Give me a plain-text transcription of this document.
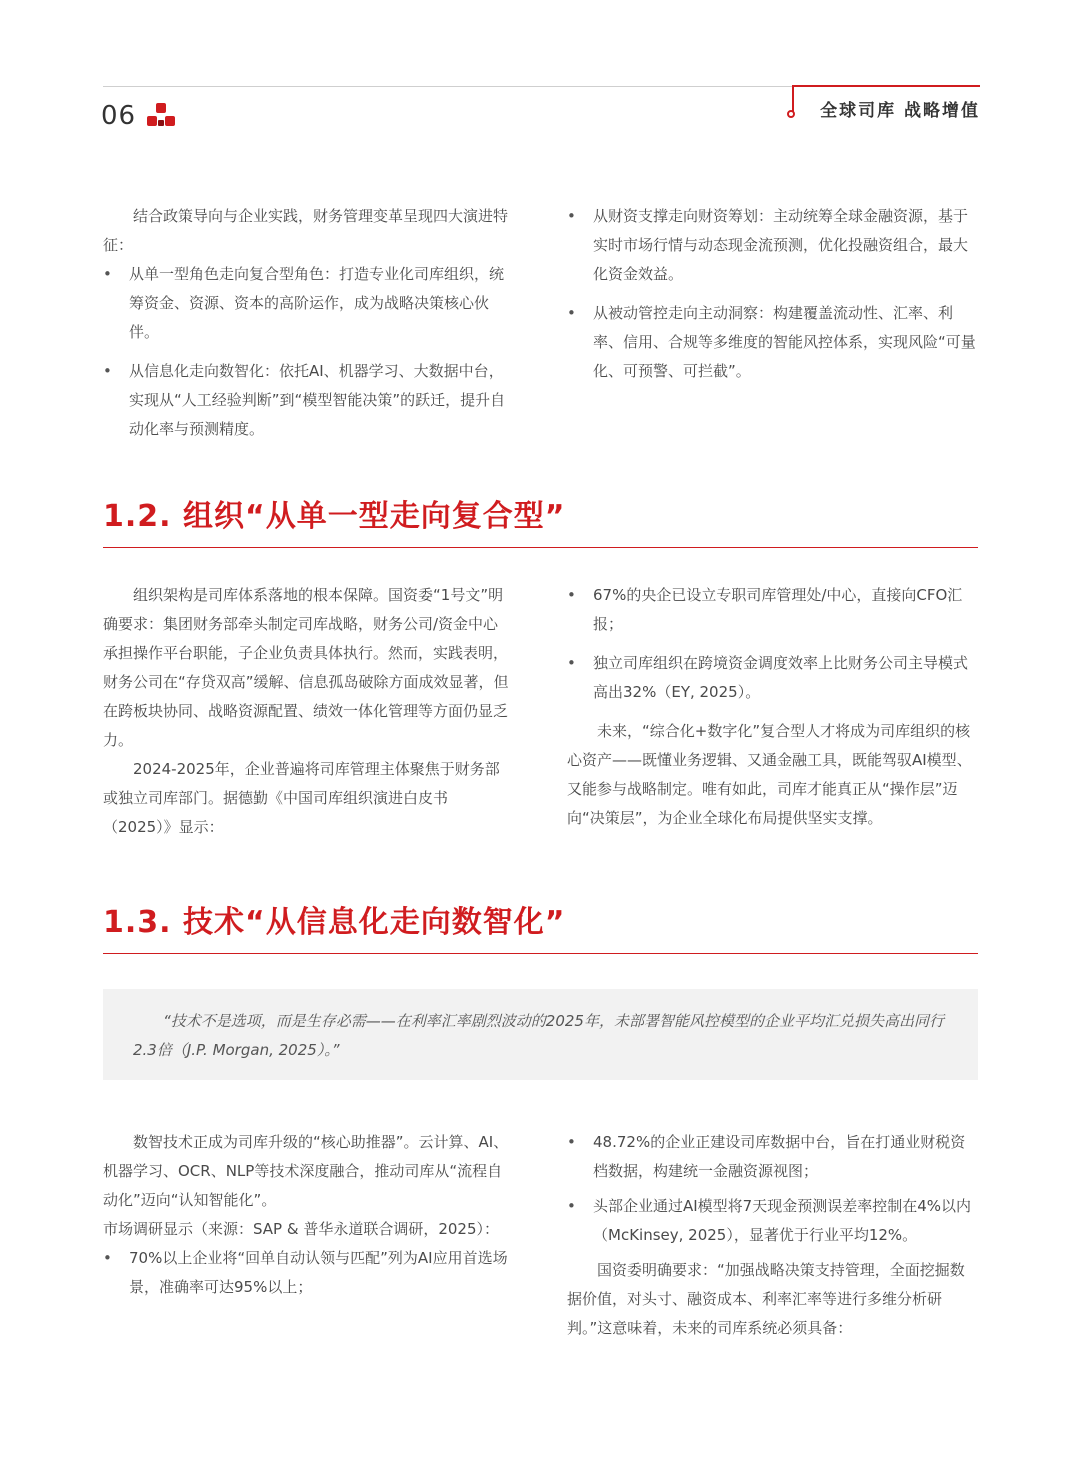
06	全球司库 战略增值

结合政策导向与企业实践，财务管理变革呈现四大演进特征：

• 从单一型角色走向复合型角色：打造专业化司库组织，统筹资金、资源、资本的高阶运作，成为战略决策核心伙伴。

• 从信息化走向数智化：依托AI、机器学习、大数据中台，实现从“人工经验判断”到“模型智能决策”的跃迁，提升自动化率与预测精度。

• 从财资支撑走向财资筹划：主动统筹全球金融资源，基于实时市场行情与动态现金流预测，优化投融资组合，最大化资金效益。

• 从被动管控走向主动洞察：构建覆盖流动性、汇率、利率、信用、合规等多维度的智能风控体系，实现风险“可量化、可预警、可拦截”。

1.2. 组织“从单一型走向复合型”

组织架构是司库体系落地的根本保障。国资委“1号文”明确要求：集团财务部牵头制定司库战略，财务公司/资金中心承担操作平台职能，子企业负责具体执行。然而，实践表明，财务公司在“存贷双高”缓解、信息孤岛破除方面成效显著，但在跨板块协同、战略资源配置、绩效一体化管理等方面仍显乏力。

2024-2025年，企业普遍将司库管理主体聚焦于财务部或独立司库部门。据德勤《中国司库组织演进白皮书（2025）》显示：

• 67%的央企已设立专职司库管理处/中心，直接向CFO汇报；

• 独立司库组织在跨境资金调度效率上比财务公司主导模式高出32%（EY, 2025）。

未来，“综合化+数字化”复合型人才将成为司库组织的核心资产——既懂业务逻辑、又通金融工具，既能驾驭AI模型、又能参与战略制定。唯有如此，司库才能真正从“操作层”迈向“决策层”，为企业全球化布局提供坚实支撑。

1.3. 技术“从信息化走向数智化”

“技术不是选项，而是生存必需——在利率汇率剧烈波动的2025年，未部署智能风控模型的企业平均汇兑损失高出同行2.3倍（J.P. Morgan, 2025）。”

数智技术正成为司库升级的“核心助推器”。云计算、AI、机器学习、OCR、NLP等技术深度融合，推动司库从“流程自动化”迈向“认知智能化”。

市场调研显示（来源：SAP & 普华永道联合调研，2025）：

• 70%以上企业将“回单自动认领与匹配”列为AI应用首选场景，准确率可达95%以上；

• 48.72%的企业正建设司库数据中台，旨在打通业财税资档数据，构建统一金融资源视图；

• 头部企业通过AI模型将7天现金预测误差率控制在4%以内（McKinsey, 2025），显著优于行业平均12%。

国资委明确要求：“加强战略决策支持管理，全面挖掘数据价值，对头寸、融资成本、利率汇率等进行多维分析研判。”这意味着，未来的司库系统必须具备：
